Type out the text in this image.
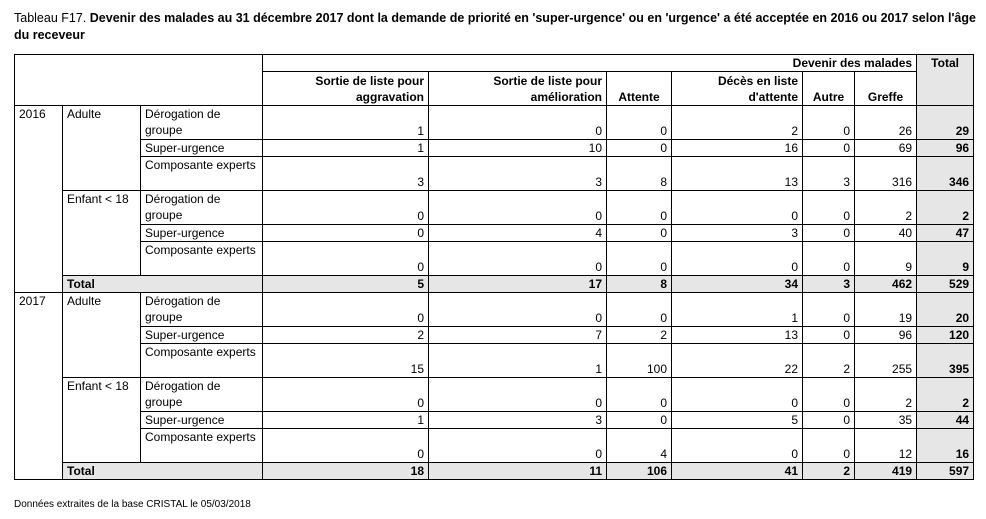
Tableau F17. Devenir des malades au 31 décembre 2017 dont la demande de priorité en 'super-urgence' ou en 'urgence' a été acceptée en 2016 ou 2017 selon l'âge du receveur
			Devenir des malades						Total
			Sortie de liste pour aggravation	Sortie de liste pour amélioration	Attente	Décès en liste d'attente	Autre	Greffe	
2016	Adulte	Dérogation de groupe	1	0	0	2	0	26	29
		Super-urgence	1	10	0	16	0	69	96
		Composante experts	3	3	8	13	3	316	346
	Enfant < 18	Dérogation de groupe	0	0	0	0	0	2	2
		Super-urgence	0	4	0	3	0	40	47
		Composante experts	0	0	0	0	0	9	9
	Total		5	17	8	34	3	462	529
2017	Adulte	Dérogation de groupe	0	0	0	1	0	19	20
		Super-urgence	2	7	2	13	0	96	120
		Composante experts	15	1	100	22	2	255	395
	Enfant < 18	Dérogation de groupe	0	0	0	0	0	2	2
		Super-urgence	1	3	0	5	0	35	44
		Composante experts	0	0	4	0	0	12	16
	Total		18	11	106	41	2	419	597
Données extraites de la base CRISTAL le 05/03/2018
